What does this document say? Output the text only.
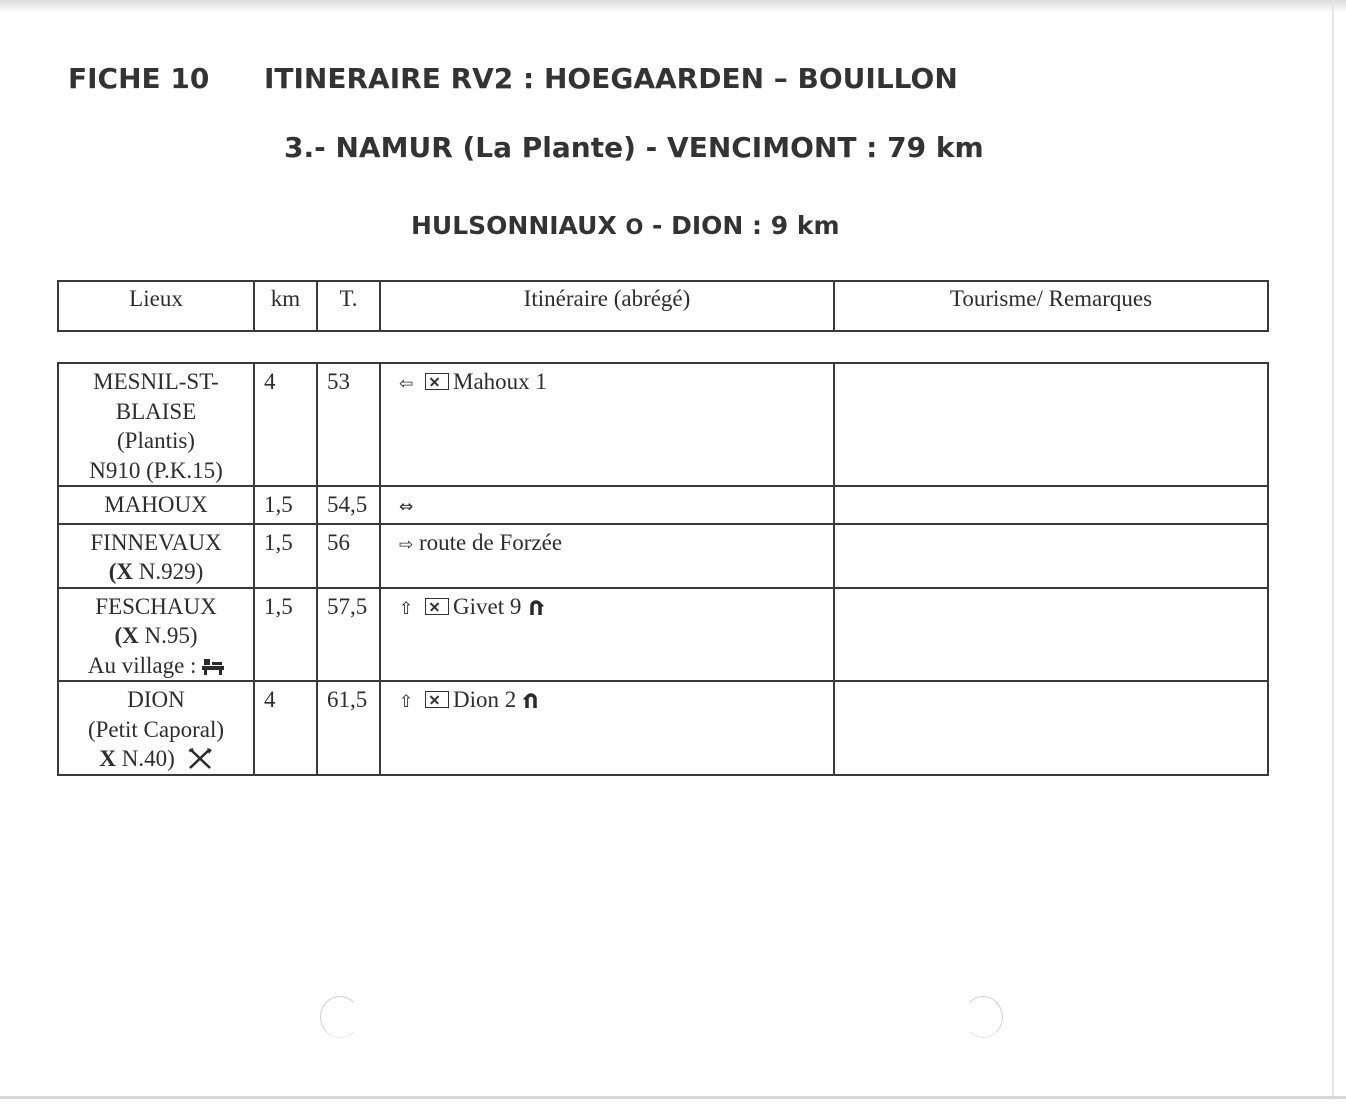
FICHE 10 ITINERAIRE RV2 : HOEGAARDEN – BOUILLON
3.- NAMUR (La Plante) - VENCIMONT : 79 km
HULSONNIAUX O - DION : 9 km
Lieux	km	T.	Itinéraire (abrégé)	Tourisme/ Remarques
MESNIL-ST-
BLAISE
(Plantis)
N910 (P.K.15)	4	53	⇦ Mahoux 1	

MAHOUX	1,5	54,5	⇔	

FINNEVAUX
(X N.929)	1,5	56	⇨ route de Forzée	

FESCHAUX
(X N.95)
Au village :	1,5	57,5	⇧ Givet 9	

DION
(Petit Caporal)
X N.40)	4	61,5	⇧ Dion 2	
